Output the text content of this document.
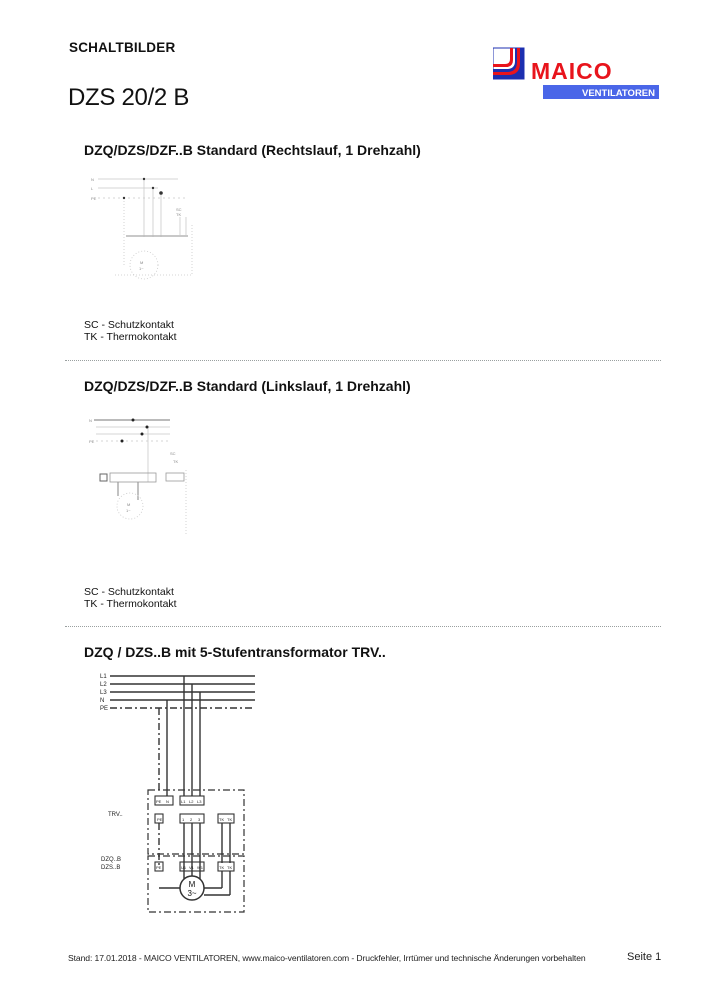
SCHALTBILDER
DZS 20/2 B
MAICO
VENTILATOREN
DZQ/DZS/DZF..B Standard (Rechtslauf, 1 Drehzahl)
N
L
PE
SC
TK
M
1~
SC - Schutzkontakt
TK - Thermokontakt
DZQ/DZS/DZF..B Standard (Linkslauf, 1 Drehzahl)
N
PE
SC
TK
M
1~
SC - Schutzkontakt
TK - Thermokontakt
DZQ / DZS..B mit 5-Stufentransformator TRV..
L1
L2
L3
N
PE
TRV..
DZQ..B
DZS..B
PE N	L1 L2 L3
PE	1 2 3	TK TK
PE	U1 V1 W1	TK TK
M
3~
Stand: 17.01.2018 - MAICO VENTILATOREN, www.maico-ventilatoren.com - Druckfehler, Irrtümer und technische Änderungen vorbehalten	Seite 1
